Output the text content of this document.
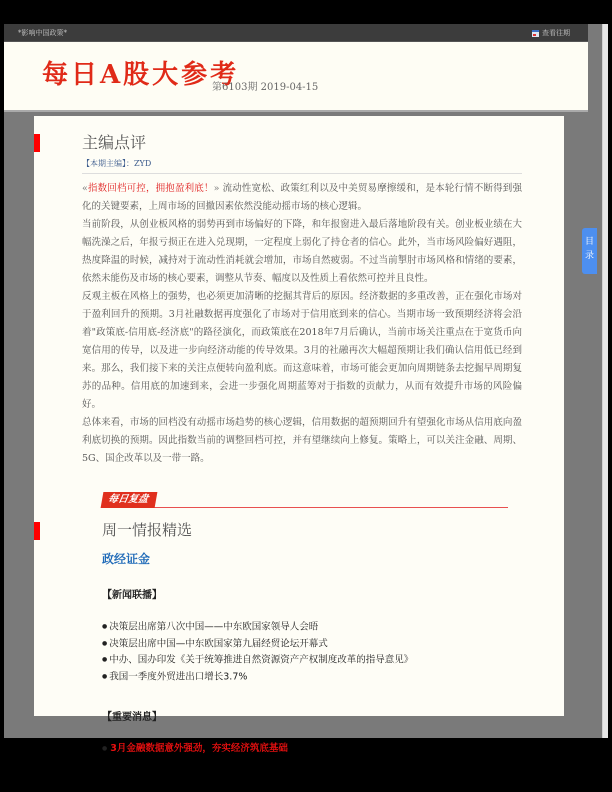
*影响中国政策*	查看往期
每日A股大参考
第6103期 2019-04-15
主编点评
【本期主编】：ZYD

«指数回档可控，拥抱盈利底！» 流动性宽松、政策红利以及中美贸易摩擦缓和，是本轮行情不断得到强化的关键要素，上周市场的回撤因素依然没能动摇市场的核心逻辑。

当前阶段，从创业板风格的弱势再到市场偏好的下降，和年报窗进入最后落地阶段有关。创业板业绩在大幅洗澡之后，年报亏损正在进入兑现期，一定程度上弱化了持仓者的信心。此外，当市场风险偏好遇阻，热度降温的时候，减持对于流动性消耗就会增加，市场自然疲弱。不过当前掣肘市场风格和情绪的要素，依然未能伤及市场的核心要素，调整从节奏、幅度以及性质上看依然可控并且良性。

反观主板在风格上的强势，也必须更加清晰的挖掘其背后的原因。经济数据的多重改善，正在强化市场对于盈利回升的预期。3月社融数据再度强化了市场对于信用底到来的信心。当期市场一致预期经济将会沿着"政策底-信用底-经济底"的路径演化，而政策底在2018年7月后确认，当前市场关注重点在于宽货币向宽信用的传导，以及进一步向经济动能的传导效果。3月的社融再次大幅超预期让我们确认信用低已经到来。那么，我们接下来的关注点便转向盈利底。而这意味着，市场可能会更加向周期链条去挖掘早周期复苏的品种。信用底的加速到来，会进一步强化周期蓝筹对于指数的贡献力，从而有效提升市场的风险偏好。

总体来看，市场的回档没有动摇市场趋势的核心逻辑，信用数据的超预期回升有望强化市场从信用底向盈利底切换的预期。因此指数当前的调整回档可控，并有望继续向上修复。策略上，可以关注金融、周期、5G、国企改革以及一带一路。

每日复盘
周一情报精选
政经证金
【新闻联播】
● 决策层出席第八次中国——中东欧国家领导人会晤
● 决策层出席中国—中东欧国家第九届经贸论坛开幕式
● 中办、国办印发《关于统筹推进自然资源资产产权制度改革的指导意见》
● 我国一季度外贸进出口增长3.7%
【重要消息】
● 3月金融数据意外强劲，夯实经济筑底基础
目
录
